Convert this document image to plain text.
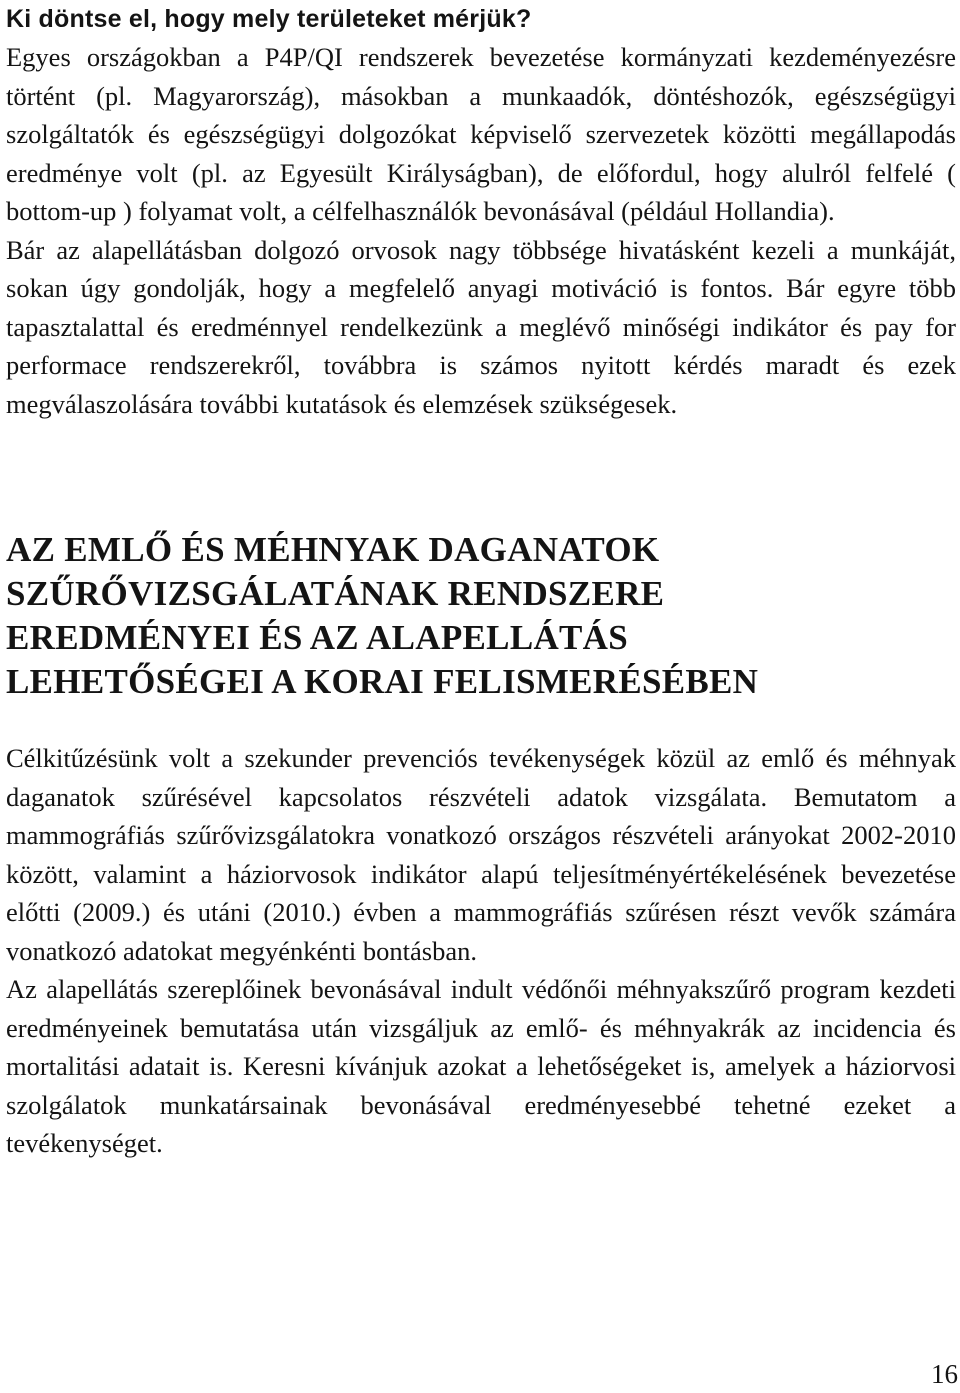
Ki döntse el, hogy mely területeket mérjük?

Egyes országokban a P4P/QI rendszerek bevezetése kormányzati kezdeményezésre történt (pl. Magyarország), másokban a munkaadók, döntéshozók, egészségügyi szolgáltatók és egészségügyi dolgozókat képviselő szervezetek közötti megállapodás eredménye volt (pl. az Egyesült Királyságban), de előfordul, hogy alulról felfelé ( bottom-up ) folyamat volt, a célfelhasználók bevonásával (például Hollandia).

Bár az alapellátásban dolgozó orvosok nagy többsége hivatásként kezeli a munkáját, sokan úgy gondolják, hogy a megfelelő anyagi motiváció is fontos. Bár egyre több tapasztalattal és eredménnyel rendelkezünk a meglévő minőségi indikátor és pay for performace rendszerekről, továbbra is számos nyitott kérdés maradt és ezek megválaszolására további kutatások és elemzések szükségesek.

AZ EMLŐ ÉS MÉHNYAK DAGANATOK
SZŰRŐVIZSGÁLATÁNAK RENDSZERE
EREDMÉNYEI ÉS AZ ALAPELLÁTÁS
LEHETŐSÉGEI A KORAI FELISMERÉSÉBEN

Célkitűzésünk volt a szekunder prevenciós tevékenységek közül az emlő és méhnyak daganatok szűrésével kapcsolatos részvételi adatok vizsgálata. Bemutatom a mammográfiás szűrővizsgálatokra vonatkozó országos részvételi arányokat 2002-2010 között, valamint a háziorvosok indikátor alapú teljesítményértékelésének bevezetése előtti (2009.) és utáni (2010.) évben a mammográfiás szűrésen részt vevők számára vonatkozó adatokat megyénkénti bontásban.

Az alapellátás szereplőinek bevonásával indult védőnői méhnyakszűrő program kezdeti eredményeinek bemutatása után vizsgáljuk az emlő- és méhnyakrák az incidencia és mortalitási adatait is. Keresni kívánjuk azokat a lehetőségeket is, amelyek a háziorvosi szolgálatok munkatársainak bevonásával eredményesebbé tehetné ezeket a tevékenységet.

16
